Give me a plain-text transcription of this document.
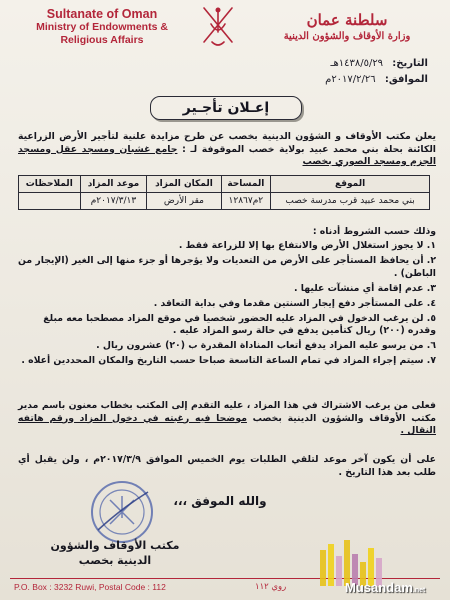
Sultanate of Oman
Ministry of Endowments &
Religious Affairs
سلطنة عمان
وزارة الأوقاف والشؤون الدينية
التاريخ: ١٤٣٨/٥/٢٩هـ
الموافق: ٢٠١٧/٢/٢٦م
إعـلان تأجـير
يعلن مكتب الأوقاف و الشؤون الدينية بخصب عن طرح مزايدة علنية لتأجير الأرض الزراعية الكائنة بحلة بني محمد عبيد بولاية خصب الموقوفة لـ : جامع غشبان ومسجد عقل ومسجد الجزم ومسجد الصوري بخصب
الموقع	المساحة	المكان المزاد	موعد المزاد	الملاحظات
بني محمد عبيد قرب مدرسة خصب	٢م١٢٨٦٧	مقر الأرض	٢٠١٧/٣/١٣م	
وذلك حسب الشروط أدناه :
١. لا يجوز استغلال الأرض والانتفاع بها إلا للزراعة فقط .
٢. أن يحافظ المستأجر على الأرض من التعديات ولا يؤجرها أو جزء منها إلى الغير (الإيجار من الباطن) .
٣. عدم إقامة أي منشآت عليها .
٤. على المستأجر دفع إيجار السنتين مقدما وفي بداية التعاقد .
٥. لن يرغب الدخول في المزاد عليه الحضور شخصيا في موقع المزاد مصطحبا معه مبلغ وقدره (٢٠٠) ريال كتأمين يدفع في حالة رسو المزاد عليه .
٦. من يرسو عليه المزاد يدفع أتعاب المناداة المقدرة ب (٢٠) عشرون ريال .
٧. سيتم إجراء المزاد في تمام الساعة التاسعة صباحا حسب التاريخ والمكان المحددين أعلاه .
فعلى من يرغب الاشتراك في هذا المزاد ، عليه التقدم إلى المكتب بخطاب معنون باسم مدير مكتب الأوقاف والشؤون الدينية بخصب موضحا فيه رغبته في دخول المزاد ورقم هاتفه النقال .
على أن يكون آخر موعد لتلقي الطلبات يوم الخميس الموافق ٢٠١٧/٣/٩م ، ولن يقبل أي طلب بعد هذا التاريخ .
والله الموفق ،،،
مكتب الأوقاف والشؤون
الدينية بخصب
P.O. Box : 3232 Ruwi, Postal Code : 112	روي ١١٢	Musandam.net
